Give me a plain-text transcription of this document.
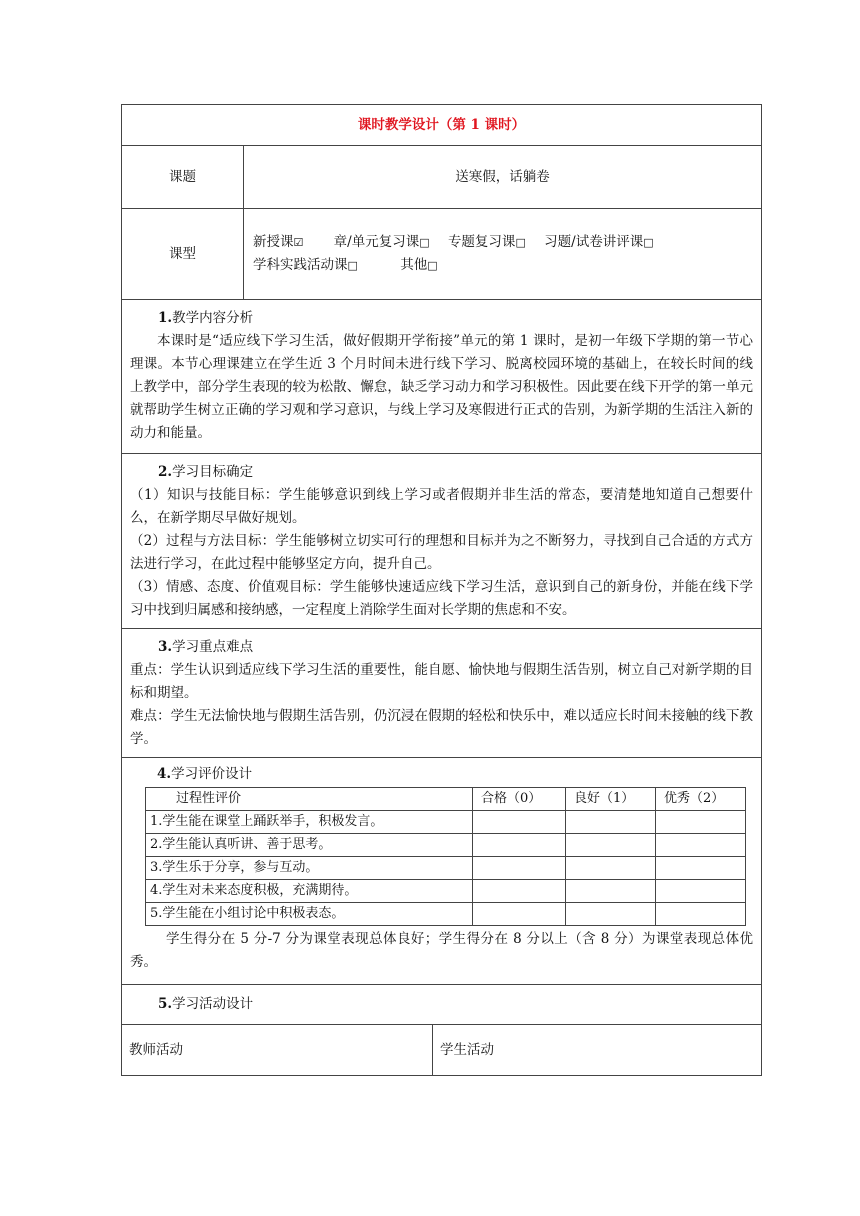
课时教学设计（第 1 课时）
课题	送寒假，话躺卷
课型	
新授课☑ 章/单元复习课□ 专题复习课□ 习题/试卷讲评课□
学科实践活动课□	其他□

1.教学内容分析
本课时是“适应线下学习生活，做好假期开学衔接”单元的第 1 课时，是初一年级下学期的第一节心理课。本节心理课建立在学生近 3 个月时间未进行线下学习、脱离校园环境的基础上，在较长时间的线上教学中，部分学生表现的较为松散、懈怠，缺乏学习动力和学习积极性。因此要在线下开学的第一单元就帮助学生树立正确的学习观和学习意识，与线上学习及寒假进行正式的告别，为新学期的生活注入新的动力和能量。

2.学习目标确定
（1）知识与技能目标：学生能够意识到线上学习或者假期并非生活的常态，要清楚地知道自己想要什么，在新学期尽早做好规划。
（2）过程与方法目标：学生能够树立切实可行的理想和目标并为之不断努力，寻找到自己合适的方式方法进行学习，在此过程中能够坚定方向，提升自己。
（3）情感、态度、价值观目标：学生能够快速适应线下学习生活，意识到自己的新身份，并能在线下学习中找到归属感和接纳感，一定程度上消除学生面对长学期的焦虑和不安。

3.学习重点难点
重点：学生认识到适应线下学习生活的重要性，能自愿、愉快地与假期生活告别，树立自己对新学期的目标和期望。
难点：学生无法愉快地与假期生活告别，仍沉浸在假期的轻松和快乐中，难以适应长时间未接触的线下教学。

4.学习评价设计
过程性评价	合格（0）	良好（1）	优秀（2）
1.学生能在课堂上踊跃举手，积极发言。			
2.学生能认真听讲、善于思考。			
3.学生乐于分享，参与互动。			
4.学生对未来态度积极，充满期待。			
5.学生能在小组讨论中积极表态。			
学生得分在 5 分-7 分为课堂表现总体良好；学生得分在 8 分以上（含 8 分）为课堂表现总体优秀。

5.学习活动设计
教师活动	学生活动
